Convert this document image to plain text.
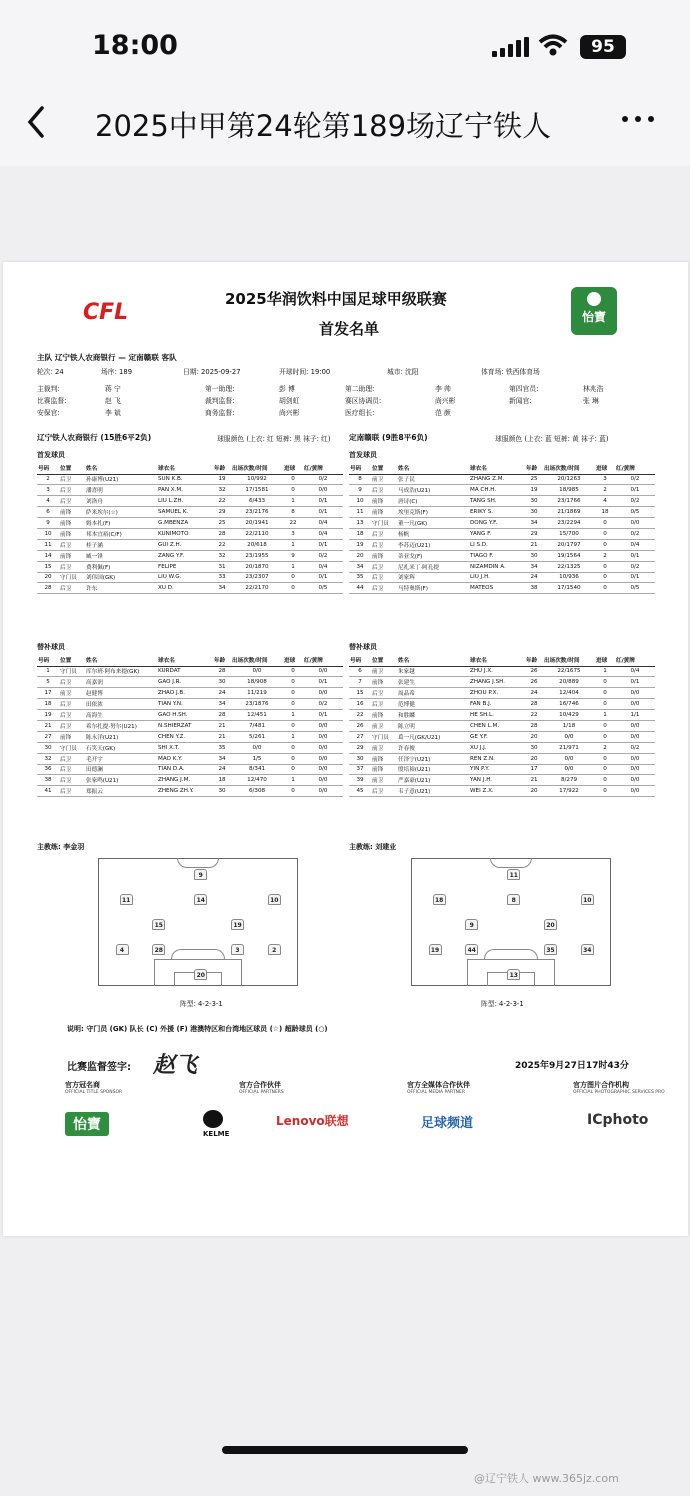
18:00	95
2025中甲第24轮第189场辽宁铁人
CFL
2025华润饮料中国足球甲级联赛
首发名单
怡寶
主队 辽宁铁人农商银行 — 定南赣联 客队
轮次: 24	场序: 189	日期: 2025-09-27	开球时间: 19:00	城市: 沈阳	体育场: 铁西体育场
主裁判:	蒋 宁	第一助理:	彭 博	第二助理:	李 帅	第四官员:	林兆浩
比赛监督:	赵 飞	裁判监督:	胡剑虹	赛区协调员:	尚兴彬	新闻官:	张 琳
安保官:	李 斌	商务监督:	尚兴彬	医疗组长:	范 颜
辽宁铁人农商银行 (15胜6平2负)	球服颜色 (上衣: 红 短裤: 黑 袜子: 红) 定南赣联 (9胜8平6负)	球服颜色 (上衣: 蓝 短裤: 黄 袜子: 蓝)
首发球员	首发球员
号码	位置	姓名	球衣名	年龄	出场次数/时间	进球	红/黄牌
2	后卫	孙康博(U21)	SUN K.B.	19	10/992	0	0/2
3	后卫	潘喜明	PAN X.M.	32	17/1581	0	0/0
4	后卫	刘洛舟	LIU L.ZH.	22	6/433	1	0/1
6	前锋	萨米埃尔(☆)	SAMUEL K.	29	23/2176	8	0/1
9	前锋	姆本扎(F)	G.MBENZA	25	20/1941	22	0/4
10	前锋	邦本宜裕(C/F)	KUNIMOTO	28	22/2110	3	0/4
11	后卫	桂子涵	GUI Z.H.	22	20/618	1	0/1
14	前锋	臧一锋	ZANG Y.F.	32	23/1955	9	0/2
15	后卫	费利佩(F)	FELIPE	31	20/1870	1	0/4
20	守门员	刘伟国(GK)	LIU W.G.	33	23/2307	0	0/1
28	后卫	许东	XU D.	34	22/2170	0	0/5
号码	位置	姓名	球衣名	年龄	出场次数/时间	进球	红/黄牌
8	前卫	张子民	ZHANG Z.M.	25	20/1263	3	0/2
9	后卫	马成浩(U21)	MA CH.H.	19	18/985	2	0/1
10	前锋	唐诗(C)	TANG SH.	30	23/1766	4	0/2
11	前锋	埃里克斯(F)	ERIKY S.	30	21/1869	18	0/5
13	守门员	董一凡(GK)	DONG Y.F.	34	23/2294	0	0/0
18	后卫	杨帆	YANG F.	29	15/700	0	0/2
19	后卫	李苏迈(U21)	LI S.D.	21	20/1797	0	0/4
20	前锋	蒂亚戈(F)	TIAGO F.	30	19/1564	2	0/1
34	后卫	尼扎米丁·阿孔提	NIZAMDIN A.	34	22/1325	0	0/2
35	后卫	刘家辉	LIU J.H.	24	10/936	0	0/1
44	后卫	马特奥斯(F)	MATEOS	38	17/1540	0	0/5
替补球员	替补球员
号码	位置	姓名	球衣名	年龄	出场次数/时间	进球	红/黄牌
1	守门员	库尔班·阿布来提(GK)	KURDAT	28	0/0	0	0/0
5	后卫	高嘉润	GAO J.R.	30	18/908	0	0/1
17	前卫	赵健博	ZHAO J.B.	24	11/219	0	0/0
18	后卫	田依浓	TIAN Y.N.	34	23/1876	0	0/2
19	后卫	高海生	GAO H.SH.	28	12/451	1	0/1
21	后卫	希尔扎提·努尔(U21)	N.SHIERZAT	21	7/481	0	0/0
27	前锋	陈永洋(U21)	CHEN Y.Z.	21	5/261	1	0/0
30	守门员	石笑天(GK)	SHI X.T.	35	0/0	0	0/0
32	后卫	毛开宇	MAO K.Y.	34	1/5	0	0/0
36	后卫	田德澜	TIAN D.A.	24	8/341	0	0/0
38	后卫	张家鸣(U21)	ZHANG J.M.	18	12/470	1	0/0
41	后卫	郑振云	ZHENG ZH.Y.	30	6/308	0	0/0
号码	位置	姓名	球衣名	年龄	出场次数/时间	进球	红/黄牌
6	前卫	朱家越	ZHU J.X.	26	22/1675	1	0/4
7	前锋	张建生	ZHANG J.SH.	26	20/889	0	0/1
15	后卫	周品希	ZHOU P.X.	24	12/404	0	0/0
16	后卫	范博健	FAN B.J.	28	16/746	0	0/0
22	前锋	和胜麟	HE SH.L.	22	10/429	1	1/1
26	前卫	陈立明	CHEN L.M.	28	1/18	0	0/0
27	守门员	葛一凡(GK/U21)	GE Y.F.	20	0/0	0	0/0
29	前卫	许春俊	XU J.J.	30	21/971	2	0/2
30	前锋	任泽宁(U21)	REN Z.N.	20	0/0	0	0/0
37	前锋	殷培裕(U21)	YIN P.Y.	17	0/0	0	0/0
39	前卫	严嘉豪(U21)	YAN J.H.	21	8/279	0	0/0
45	后卫	韦子意(U21)	WEI Z.X.	20	17/922	0	0/0
主教练: 李金羽	主教练: 刘建业
9
11	14	10
15	19
4	28	3	2
20
11
18	8	10
9	20
19	44	35	34
13
阵型: 4-2-3-1	阵型: 4-2-3-1
说明: 守门员 (GK) 队长 (C) 外援 (F) 港澳特区和台湾地区球员 (☆) 超龄球员 (○)
比赛监督签字: 赵飞	2025年9月27日17时43分
官方冠名商
OFFICIAL TITLE SPONSOR
怡寶
官方合作伙伴
OFFICIAL PARTNERS
KELME
Lenovo联想
官方全媒体合作伙伴
OFFICIAL MEDIA PARTNER
足球频道
官方图片合作机构
OFFICIAL PHOTOGRAPHIC SERVICES PRO
ICphoto
@辽宁铁人 www.365jz.com
